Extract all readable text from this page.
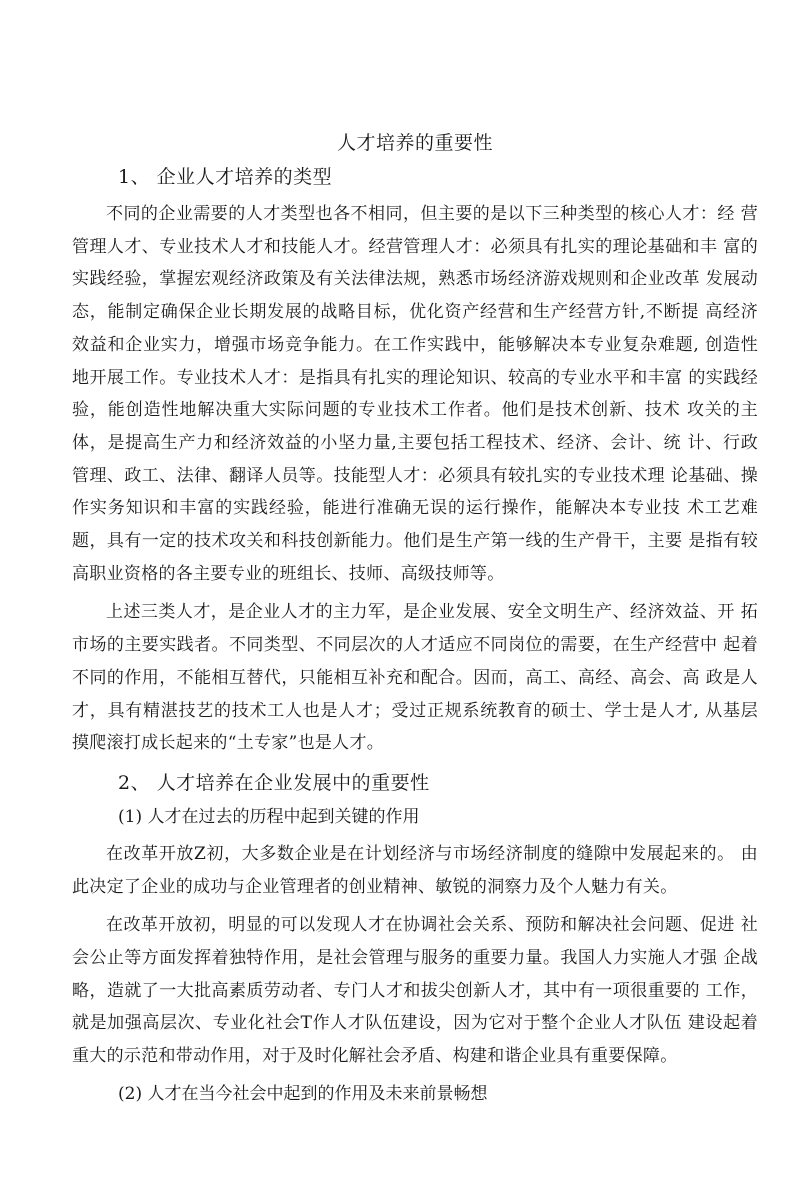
人才培养的重要性
1、 企业人才培养的类型

不同的企业需要的人才类型也各不相同，但主要的是以下三种类型的核心人才：经 营管理人才、专业技术人才和技能人才。经营管理人才：必须具有扎实的理论基础和丰 富的实践经验，掌握宏观经济政策及有关法律法规，熟悉市场经济游戏规则和企业改革 发展动态，能制定确保企业长期发展的战略目标，优化资产经营和生产经营方针,不断提 高经济效益和企业实力，增强市场竞争能力。在工作实践中，能够解决本专业复杂难题, 创造性地开展工作。专业技术人才：是指具有扎实的理论知识、较高的专业水平和丰富 的实践经验，能创造性地解决重大实际问题的专业技术工作者。他们是技术创新、技术 攻关的主体，是提高生产力和经济效益的小坚力量,主要包括工程技术、经济、会计、统 计、行政管理、政工、法律、翻译人员等。技能型人才：必须具有较扎实的专业技术理 论基础、操作实务知识和丰富的实践经验，能进行准确无误的运行操作，能解决本专业技 术工艺难题，具有一定的技术攻关和科技创新能力。他们是生产第一线的生产骨干，主要 是指有较高职业资格的各主要专业的班组长、技师、高级技师等。

上述三类人才，是企业人才的主力军，是企业发展、安全文明生产、经济效益、开 拓市场的主要实践者。不同类型、不同层次的人才适应不同岗位的需要，在生产经营中 起着不同的作用，不能相互替代，只能相互补充和配合。因而，高工、高经、高会、高 政是人才，具有精湛技艺的技术工人也是人才；受过正规系统教育的硕士、学士是人才, 从基层摸爬滚打成长起来的“土专家”也是人才。

2、 人才培养在企业发展中的重要性
(1) 人才在过去的历程中起到关键的作用

在改革开放Z初，大多数企业是在计划经济与市场经济制度的缝隙中发展起来的。 由此决定了企业的成功与企业管理者的创业精神、敏锐的洞察力及个人魅力有关。

在改革开放初，明显的可以发现人才在协调社会关系、预防和解决社会问题、促进 社会公止等方面发挥着独特作用，是社会管理与服务的重要力量。我国人力实施人才强 企战略，造就了一大批高素质劳动者、专门人才和拔尖创新人才，其中有一项很重要的 工作，就是加强高层次、专业化社会T作人才队伍建设，因为它对于整个企业人才队伍 建设起着重大的示范和带动作用，对于及时化解社会矛盾、构建和谐企业具有重要保障。

(2) 人才在当今社会中起到的作用及未来前景畅想
